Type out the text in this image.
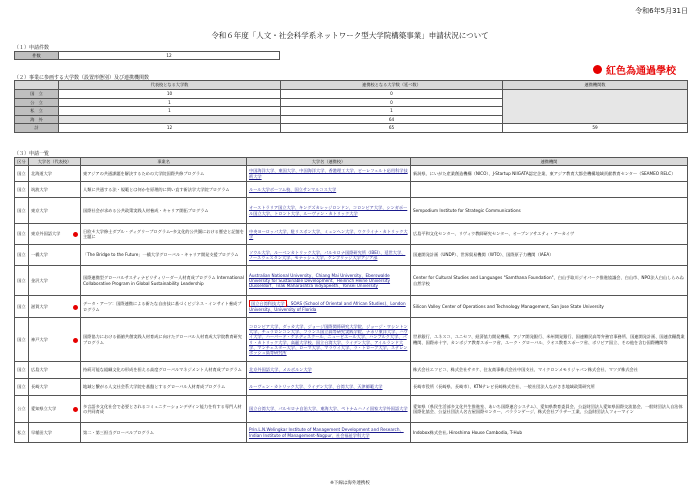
令和6年5月31日
令和６年度「人文・社会科学系ネットワーク型大学院構築事業」申請状況について
（１）申請件数
件数	12
紅色為通過學校
（２）事業に参画する大学数（設置形態別）及び連携機関数
	代表校となる大学数	連携校となる大学数（延べ数）	連携機関数
国　立	10	0	
公　立	1	0	
私　立	1	1	
海　外		64	
計	12	65	59
（３）申請一覧
区分	大学名（代表校）	事業名	大学名（連携校）	連携機関
国立	北海道大学	東アジアの共通課題を解決するための大学院国際共修プログラム	中国海洋大学、東国大学、中国海洋大学、香港理工大学、ビーレフェルト応用科学技術大学	新潟県、にいがた産業創造機構（NICO）、J-Startup NIIGATA認定企業、東アジア教育大都会機構地域貢献教育センター（SEAMEO RELC）
国立	筑波大学	人類に共通する法・規範とは何かを原理的に問い直す新法学大学院プログラム	ルール大学ボーフム校、国立サンマルコス大学	
国立	東京大学	国際社会が求める公共政策実践人材養成・キャリア開拓プログラム	オーストラリア国立大学、キングズカレッジロンドン、コロンビア大学、シンガポール国立大学、トロント大学、ルーヴァン・カトリック大学	Sempodium Institute for Strategic Communications
国立	東京外国語大学	日欧４大学修士ダブル・ディグリープログラム─多文化的公共圏における歴史と記憶を主題に	中央ヨーロッパ大学、駐リスボン大学、ミュンヘン大学、ウクライナ・カトリック大学	広島平和文化センター、リヴィウ教師研究センター、オープンソサエティ・アーカイヴ
国立	一橋大学	「The Bridge to the Future」一橋大学グローバル・キャリア開発支援プログラム	ソウル大学、ルーベンカトリック大学、パルセロナ国際研究所（IBEI）、延世大学、ノースウェスタン大学、モナッシュ大学、ケンブリッジ大学アジア部	国連開発計画（UNDP）、世界貿易機関（WTO）、国際原子力機関（IAEA）
国立	金沢大学	国際連携型グローバルサスティナビリティリーダー人材育成プログラム International Collaborative Program in Global Sustainability Leadership	Australian National University、Chiang Mai University、Eberswalde University for Sustainable Development、Heinrich Heine University Dusseldorf、Tilak Maharashtra Vidyapeeth、Yonsei University	Center for Cultural Studies and Languages "Samthana Foundation"、白山手取川ジオパーク推進協議会、白山市、NPO法人白山しらみね自然学校
国立	滋賀大学	データ・アーツ：国際連携による新たな自由技に基づくビジネス・インサイト養成プログラム	国立台湾科技大学 、SOAS (School of Oriental and African Studies)、London University、University of Florida	Silicon Valley Center of Operations and Technology Management, San Jose State University
国立	神戸大学	国際協力における価値共創実践人材育成に向けたグローバル人材育成大学院教育研究プログラム	コロンビア大学、ダッカ大学、ジョージ国際関係研究大学院、ジョージ・ワシントン大学、チュラロンコン大学、フランス国立高等研究実践学院、ナポリ東洋大学、ハワイ大学、ハーバード・ケネディスクール、ニュービエール大学、ハンブルク大学、パリ・カトリック大学、高麗大学校、国立台湾大学、ライデン大学、アイルランド大学、マンチェスター大学、ローマ大学、マラウイ大学、ラ・トローブ大学、ステレンボッシュ高等研究所	世界銀行、ユネスコ、ユニセフ、経済協力開発機構、アジア開発銀行、米州開発銀行、国連難民高等弁務官事務所、国連開発計画、国連食糧農業機関、国際赤十字、カンボジア教育スポーツ省、ユーク・グローバル、ラオス教育スポーツ省、ボリビア国立、その他を含む国際機関等
国立	広島大学	持続可能な組織文化の形成を担える高度グローバルマネジメント人材育成プログラム	北京外国語大学、メルボルン大学	株式会社エフピコ、株式会社サタケ、住友商事株式会社中国支社、マイクロンメモリジャパン株式会社、マツダ株式会社
国立	長崎大学	地域と繋がる人文社会系大学院を基盤とするグローバル人材育成プログラム	ルーヴェン・カトリック大学、ライデン大学、台湾大学、天津師範大学	長崎市役所（長崎県、長崎市）、KTNテレビ長崎株式会社、一般社団法人ながさき地域政策研究所
公立	愛知県立大学	多言語多文化社会で必要とされるコミュニケーションデザイン能力を有する専門人材の共同育成	国立台湾大学、パルセロナ自治大学、東海大学、ペトナムハノイ国家大学外国語大学	愛知県（県民生活部多文化共生推進室、あいち国際連合システム）、愛知県教育委員会、公益財団法人愛知県国際交流協会、一般財団法人自治体国際化協会、公益社団法人名古屋国際センター、パラランゲージ、株式会社ブラザー工業、公益財団法人フォーマイン
私立	早稲田大学	第二・第三担当グローバルプログラム	Prin.L.N.Welingkar Institute of Management Development and Research、Indian Institute of Management-Nagpur、社会福祉学科大学	Indobox株式会社, Hiroshima House Cambodia, T-Hub
※下線は海外連携校
